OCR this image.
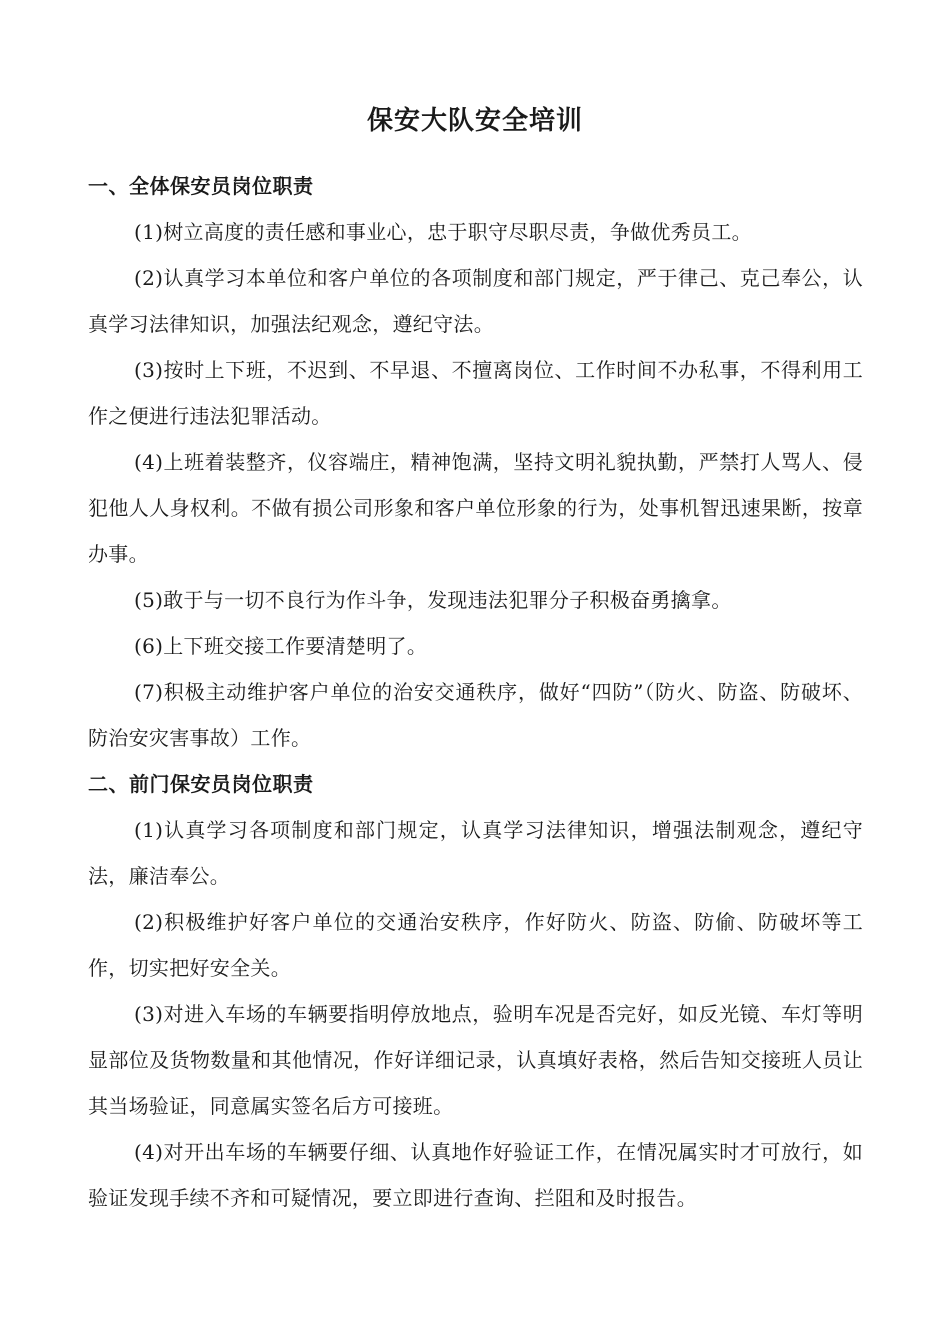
保安大队安全培训
一、全体保安员岗位职责

(1)树立高度的责任感和事业心，忠于职守尽职尽责，争做优秀员工。

(2)认真学习本单位和客户单位的各项制度和部门规定，严于律己、克己奉公，认真学习法律知识，加强法纪观念，遵纪守法。

(3)按时上下班，不迟到、不早退、不擅离岗位、工作时间不办私事，不得利用工作之便进行违法犯罪活动。

(4)上班着装整齐，仪容端庄，精神饱满，坚持文明礼貌执勤，严禁打人骂人、侵犯他人人身权利。不做有损公司形象和客户单位形象的行为，处事机智迅速果断，按章办事。

(5)敢于与一切不良行为作斗争，发现违法犯罪分子积极奋勇擒拿。

(6)上下班交接工作要清楚明了。

(7)积极主动维护客户单位的治安交通秩序，做好“四防”（防火、防盗、防破坏、防治安灾害事故）工作。

二、前门保安员岗位职责

(1)认真学习各项制度和部门规定，认真学习法律知识，增强法制观念，遵纪守法，廉洁奉公。

(2)积极维护好客户单位的交通治安秩序，作好防火、防盗、防偷、防破坏等工作，切实把好安全关。

(3)对进入车场的车辆要指明停放地点，验明车况是否完好，如反光镜、车灯等明显部位及货物数量和其他情况，作好详细记录，认真填好表格，然后告知交接班人员让其当场验证，同意属实签名后方可接班。

(4)对开出车场的车辆要仔细、认真地作好验证工作，在情况属实时才可放行，如验证发现手续不齐和可疑情况，要立即进行查询、拦阻和及时报告。
